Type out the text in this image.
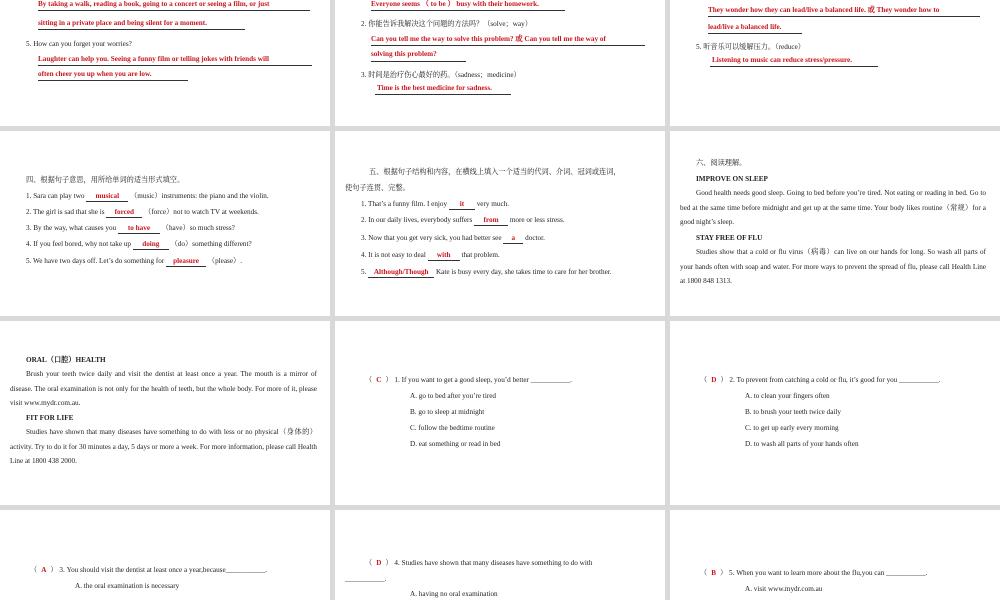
By taking a walk, reading a book, going to a concert or seeing a film, or just
sitting in a private place and being silent for a moment.
5. How can you forget your worries?
Laughter can help you. Seeing a funny film or telling jokes with friends will
often cheer you up when you are low.
Everyone seems （ to be ） busy with their homework.
2. 你能告诉我解决这个问题的方法吗？（solve；way）
Can you tell me the way to solve this problem? 或 Can you tell me the way of
solving this problem?
3. 时间是治疗伤心最好的药。（sadness；medicine）
Time is the best medicine for sadness.
They wonder how they can lead/live a balanced life. 或 They wonder how to
lead/live a balanced life.
5. 听音乐可以缓解压力。（reduce）
Listening to music can reduce stress/pressure.
四、根据句子意思，用所给单词的适当形式填空。
1. Sara can play two musical （music）instruments: the piano and the violin.
2. The girl is sad that she is forced （force）not to watch TV at weekends.
3. By the way, what causes you to have （have）so much stress?
4. If you feel bored, why not take up doing （do）something different?
5. We have two days off. Let’s do something for pleasure （please）.
五、根据句子结构和内容，在横线上填入一个适当的代词、介词、冠词或连词，
使句子连贯、完整。
1. That’s a funny film. I enjoy it very much.
2. In our daily lives, everybody suffers from more or less stress.
3. Now that you get very sick, you had better see a doctor.
4. It is not easy to deal with that problem.
5. Although/Though Kate is busy every day, she takes time to care for her brother.
六、阅读理解。
IMPROVE ON SLEEP
Good health needs good sleep. Going to bed before you’re tired. Not eating or reading in bed. Go to bed at the same time before midnight and get up at the same time. Your body likes routine（常规）for a good night’s sleep.
STAY FREE OF FLU
Studies show that a cold or flu virus（病毒）can live on our hands for long. So wash all parts of your hands often with soap and water. For more ways to prevent the spread of flu, please call Health Line at 1800 848 1313.
ORAL（口腔）HEALTH
Brush your teeth twice daily and visit the dentist at least once a year. The mouth is a mirror of disease. The oral examination is not only for the health of teeth, but the whole body. For more of it, please visit www.mydr.com.au.
FIT FOR LIFE
Studies have shown that many diseases have something to do with less or no physical（身体的）activity. Try to do it for 30 minutes a day, 5 days or more a week. For more information, please call Health Line at 1800 438 2000.
（ C ） 1. If you want to get a good sleep, you’d better ___________.
A. go to bed after you’re tired
B. go to sleep at midnight
C. follow the bedtime routine
D. eat something or read in bed
（ D ） 2. To prevent from catching a cold or flu, it’s good for you ___________.
A. to clean your fingers often
B. to brush your teeth twice daily
C. to get up early every morning
D. to wash all parts of your hands often
（ A ） 3. You should visit the dentist at least once a year,because___________.
A. the oral examination is necessary
（ D ） 4. Studies have shown that many diseases have something to do with
___________.
A. having no oral examination
（ B ） 5. When you want to learn more about the flu,you can ___________.
A. visit www.mydr.com.au
